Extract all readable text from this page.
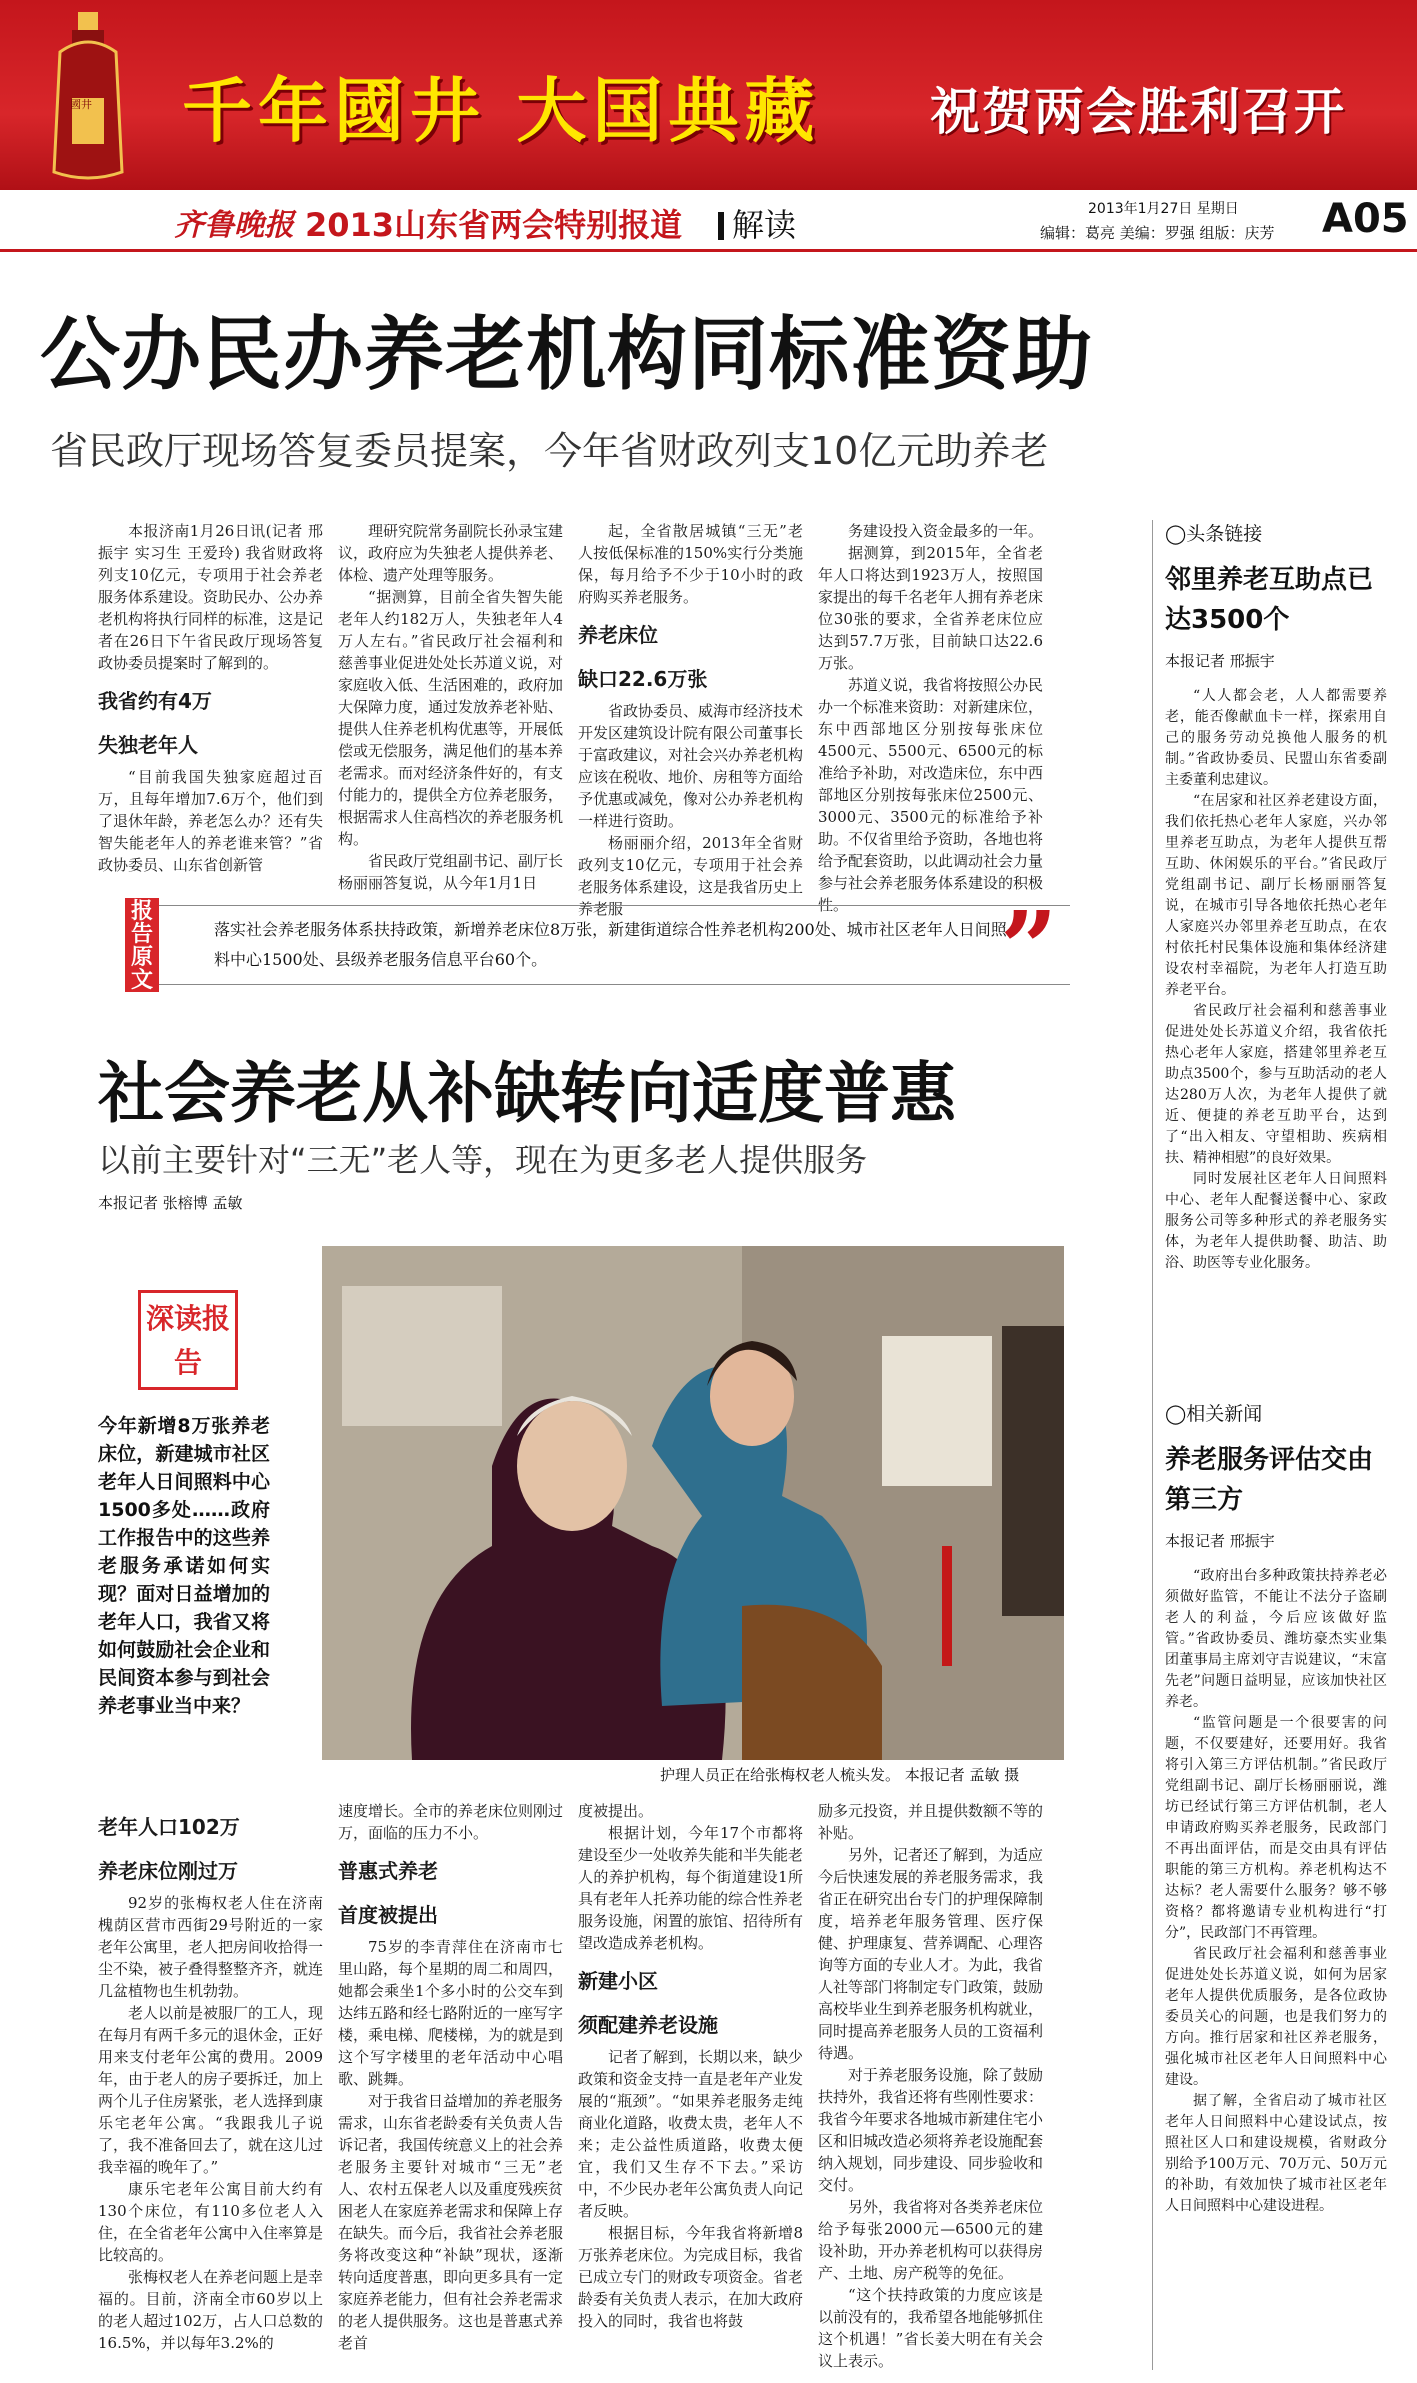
國井 千年國井 大国典藏 祝贺两会胜利召开
齐鲁晚报 2013山东省两会特别报道	解读	2013年1月27日 星期日
编辑：葛亮 美编：罗强 组版：庆芳 A05
公办民办养老机构同标准资助
省民政厅现场答复委员提案，今年省财政列支10亿元助养老

本报济南1月26日讯(记者 邢振宇 实习生 王爱玲) 我省财政将列支10亿元，专项用于社会养老服务体系建设。资助民办、公办养老机构将执行同样的标准，这是记者在26日下午省民政厅现场答复政协委员提案时了解到的。

我省约有4万
失独老年人

“目前我国失独家庭超过百万，且每年增加7.6万个，他们到了退休年龄，养老怎么办？还有失智失能老年人的养老谁来管？”省政协委员、山东省创新管

理研究院常务副院长孙录宝建议，政府应为失独老人提供养老、体检、遗产处理等服务。

“据测算，目前全省失智失能老年人约182万人，失独老年人4万人左右。”省民政厅社会福利和慈善事业促进处处长苏道义说，对家庭收入低、生活困难的，政府加大保障力度，通过发放养老补贴、提供人住养老机构优惠等，开展低偿或无偿服务，满足他们的基本养老需求。而对经济条件好的，有支付能力的，提供全方位养老服务，根据需求人住高档次的养老服务机构。

省民政厅党组副书记、副厅长杨丽丽答复说，从今年1月1日

起，全省散居城镇“三无”老人按低保标准的150%实行分类施保，每月给予不少于10小时的政府购买养老服务。

养老床位
缺口22.6万张

省政协委员、威海市经济技术开发区建筑设计院有限公司董事长于富政建议，对社会兴办养老机构应该在税收、地价、房租等方面给予优惠或减免，像对公办养老机构一样进行资助。

杨丽丽介绍，2013年全省财政列支10亿元，专项用于社会养老服务体系建设，这是我省历史上养老服

务建设投入资金最多的一年。

据测算，到2015年，全省老年人口将达到1923万人，按照国家提出的每千名老年人拥有养老床位30张的要求，全省养老床位应达到57.7万张，目前缺口达22.6万张。

苏道义说，我省将按照公办民办一个标准来资助：对新建床位，东中西部地区分别按每张床位4500元、5500元、6500元的标准给予补助，对改造床位，东中西部地区分别按每张床位2500元、3000元、3500元的标准给予补助。不仅省里给予资助，各地也将给予配套资助，以此调动社会力量参与社会养老服务体系建设的积极性。

◯头条链接
邻里养老互助点已达3500个
本报记者 邢振宇

“人人都会老，人人都需要养老，能否像献血卡一样，探索用自己的服务劳动兑换他人服务的机制。”省政协委员、民盟山东省委副主委董利忠建议。

“在居家和社区养老建设方面，我们依托热心老年人家庭，兴办邻里养老互助点，为老年人提供互帮互助、休闲娱乐的平台。”省民政厅党组副书记、副厅长杨丽丽答复说，在城市引导各地依托热心老年人家庭兴办邻里养老互助点，在农村依托村民集体设施和集体经济建设农村幸福院，为老年人打造互助养老平台。

省民政厅社会福利和慈善事业促进处处长苏道义介绍，我省依托热心老年人家庭，搭建邻里养老互助点3500个，参与互助活动的老人达280万人次，为老年人提供了就近、便捷的养老互助平台，达到了“出入相友、守望相助、疾病相扶、精神相慰”的良好效果。

同时发展社区老年人日间照料中心、老年人配餐送餐中心、家政服务公司等多种形式的养老服务实体，为老年人提供助餐、助洁、助浴、助医等专业化服务。

报告原文
落实社会养老服务体系扶持政策，新增养老床位8万张，新建街道综合性养老机构200处、城市社区老年人日间照料中心1500处、县级养老服务信息平台60个。	”
社会养老从补缺转向适度普惠
以前主要针对“三无”老人等，现在为更多老人提供服务
本报记者 张榕博 孟敏
深读报告
今年新增8万张养老床位，新建城市社区老年人日间照料中心1500多处……政府工作报告中的这些养老服务承诺如何实现？面对日益增加的老年人口，我省又将如何鼓励社会企业和民间资本参与到社会养老事业当中来？
护理人员正在给张梅权老人梳头发。 本报记者 孟敏 摄
老年人口102万
养老床位刚过万

92岁的张梅权老人住在济南槐荫区营市西街29号附近的一家老年公寓里，老人把房间收拾得一尘不染，被子叠得整整齐齐，就连几盆植物也生机勃勃。

老人以前是被服厂的工人，现在每月有两千多元的退休金，正好用来支付老年公寓的费用。2009年，由于老人的房子要拆迁，加上两个儿子住房紧张，老人选择到康乐宅老年公寓。“我跟我儿子说了，我不准备回去了，就在这儿过我幸福的晚年了。”

康乐宅老年公寓目前大约有130个床位，有110多位老人入住，在全省老年公寓中入住率算是比较高的。

张梅权老人在养老问题上是幸福的。目前，济南全市60岁以上的老人超过102万，占人口总数的16.5%，并以每年3.2%的

速度增长。全市的养老床位则刚过万，面临的压力不小。

普惠式养老
首度被提出

75岁的李青萍住在济南市七里山路，每个星期的周二和周四，她都会乘坐1个多小时的公交车到达纬五路和经七路附近的一座写字楼，乘电梯、爬楼梯，为的就是到这个写字楼里的老年活动中心唱歌、跳舞。

对于我省日益增加的养老服务需求，山东省老龄委有关负责人告诉记者，我国传统意义上的社会养老服务主要针对城市“三无”老人、农村五保老人以及重度残疾贫困老人在家庭养老需求和保障上存在缺失。而今后，我省社会养老服务将改变这种“补缺”现状，逐渐转向适度普惠，即向更多具有一定家庭养老能力，但有社会养老需求的老人提供服务。这也是普惠式养老首

度被提出。

根据计划，今年17个市都将建设至少一处收养失能和半失能老人的养护机构，每个街道建设1所具有老年人托养功能的综合性养老服务设施，闲置的旅馆、招待所有望改造成养老机构。

新建小区
须配建养老设施

记者了解到，长期以来，缺少政策和资金支持一直是老年产业发展的“瓶颈”。“如果养老服务走纯商业化道路，收费太贵，老年人不来；走公益性质道路，收费太便宜，我们又生存不下去。”采访中，不少民办老年公寓负责人向记者反映。

根据目标，今年我省将新增8万张养老床位。为完成目标，我省已成立专门的财政专项资金。省老龄委有关负责人表示，在加大政府投入的同时，我省也将鼓

励多元投资，并且提供数额不等的补贴。

另外，记者还了解到，为适应今后快速发展的养老服务需求，我省正在研究出台专门的护理保障制度，培养老年服务管理、医疗保健、护理康复、营养调配、心理咨询等方面的专业人才。为此，我省人社等部门将制定专门政策，鼓励高校毕业生到养老服务机构就业，同时提高养老服务人员的工资福利待遇。

对于养老服务设施，除了鼓励扶持外，我省还将有些刚性要求：我省今年要求各地城市新建住宅小区和旧城改造必须将养老设施配套纳入规划，同步建设、同步验收和交付。

另外，我省将对各类养老床位给予每张2000元—6500元的建设补助，开办养老机构可以获得房产、土地、房产税等的免征。

“这个扶持政策的力度应该是以前没有的，我希望各地能够抓住这个机遇！”省长姜大明在有关会议上表示。

◯相关新闻
养老服务评估交由第三方
本报记者 邢振宇

“政府出台多种政策扶持养老必须做好监管，不能让不法分子盗刷老人的利益，今后应该做好监管。”省政协委员、潍坊豪杰实业集团董事局主席刘守吉说建议，“末富先老”问题日益明显，应该加快社区养老。

“监管问题是一个很要害的问题，不仅要建好，还要用好。我省将引入第三方评估机制。”省民政厅党组副书记、副厅长杨丽丽说，潍坊已经试行第三方评估机制，老人申请政府购买养老服务，民政部门不再出面评估，而是交由具有评估职能的第三方机构。养老机构达不达标？老人需要什么服务？够不够资格？都将邀请专业机构进行“打分”，民政部门不再管理。

省民政厅社会福利和慈善事业促进处处长苏道义说，如何为居家老年人提供优质服务，是各位政协委员关心的问题，也是我们努力的方向。推行居家和社区养老服务，强化城市社区老年人日间照料中心建设。

据了解，全省启动了城市社区老年人日间照料中心建设试点，按照社区人口和建设规模，省财政分别给予100万元、70万元、50万元的补助，有效加快了城市社区老年人日间照料中心建设进程。
